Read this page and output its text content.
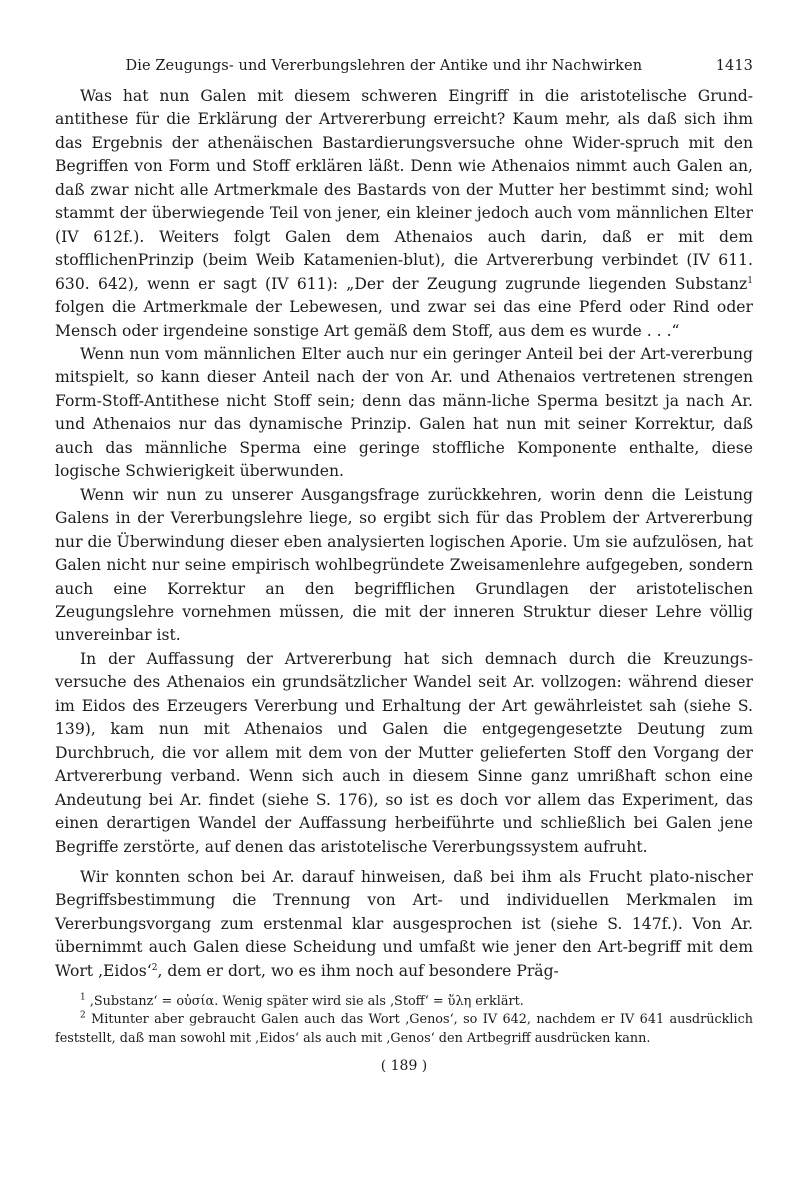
Die Zeugungs- und Vererbungslehren der Antike und ihr Nachwirken	1413

Was hat nun Galen mit diesem schweren Eingriff in die aristotelische Grund-antithese für die Erklärung der Artvererbung erreicht? Kaum mehr, als daß sich ihm das Ergebnis der athenäischen Bastardierungsversuche ohne Wider-spruch mit den Begriffen von Form und Stoff erklären läßt. Denn wie Athenaios nimmt auch Galen an, daß zwar nicht alle Artmerkmale des Bastards von der Mutter her bestimmt sind; wohl stammt der überwiegende Teil von jener, ein kleiner jedoch auch vom männlichen Elter (IV 612f.). Weiters folgt Galen dem Athenaios auch darin, daß er mit dem stofflichenPrinzip (beim Weib Katamenien-blut), die Artvererbung verbindet (IV 611. 630. 642), wenn er sagt (IV 611): „Der der Zeugung zugrunde liegenden Substanz$^1$ folgen die Artmerkmale der Lebewesen, und zwar sei das eine Pferd oder Rind oder Mensch oder irgendeine sonstige Art gemäß dem Stoff, aus dem es wurde . . .“

Wenn nun vom männlichen Elter auch nur ein geringer Anteil bei der Art-vererbung mitspielt, so kann dieser Anteil nach der von Ar. und Athenaios vertretenen strengen Form-Stoff-Antithese nicht Stoff sein; denn das männ-liche Sperma besitzt ja nach Ar. und Athenaios nur das dynamische Prinzip. Galen hat nun mit seiner Korrektur, daß auch das männliche Sperma eine geringe stoffliche Komponente enthalte, diese logische Schwierigkeit überwunden.

Wenn wir nun zu unserer Ausgangsfrage zurückkehren, worin denn die Leistung Galens in der Vererbungslehre liege, so ergibt sich für das Problem der Artvererbung nur die Überwindung dieser eben analysierten logischen Aporie. Um sie aufzulösen, hat Galen nicht nur seine empirisch wohlbegründete Zweisamenlehre aufgegeben, sondern auch eine Korrektur an den begrifflichen Grundlagen der aristotelischen Zeugungslehre vornehmen müssen, die mit der inneren Struktur dieser Lehre völlig unvereinbar ist.

In der Auffassung der Artvererbung hat sich demnach durch die Kreuzungs-versuche des Athenaios ein grundsätzlicher Wandel seit Ar. vollzogen: während dieser im Eidos des Erzeugers Vererbung und Erhaltung der Art gewährleistet sah (siehe S. 139), kam nun mit Athenaios und Galen die entgegengesetzte Deutung zum Durchbruch, die vor allem mit dem von der Mutter gelieferten Stoff den Vorgang der Artvererbung verband. Wenn sich auch in diesem Sinne ganz umrißhaft schon eine Andeutung bei Ar. findet (siehe S. 176), so ist es doch vor allem das Experiment, das einen derartigen Wandel der Auffassung herbeiführte und schließlich bei Galen jene Begriffe zerstörte, auf denen das aristotelische Vererbungssystem aufruht.

Wir konnten schon bei Ar. darauf hinweisen, daß bei ihm als Frucht plato-nischer Begriffsbestimmung die Trennung von Art- und individuellen Merkmalen im Vererbungsvorgang zum erstenmal klar ausgesprochen ist (siehe S. 147f.). Von Ar. übernimmt auch Galen diese Scheidung und umfaßt wie jener den Art-begriff mit dem Wort ‚Eidos‘$^2$, dem er dort, wo es ihm noch auf besondere Präg-

$^1$ ‚Substanz‘ = οὐσία. Wenig später wird sie als ‚Stoff‘ = ὕλη erklärt.

$^2$ Mitunter aber gebraucht Galen auch das Wort ‚Genos‘, so IV 642, nachdem er IV 641 ausdrücklich feststellt, daß man sowohl mit ‚Eidos‘ als auch mit ‚Genos‘ den Artbegriff ausdrücken kann.

( 189 )
